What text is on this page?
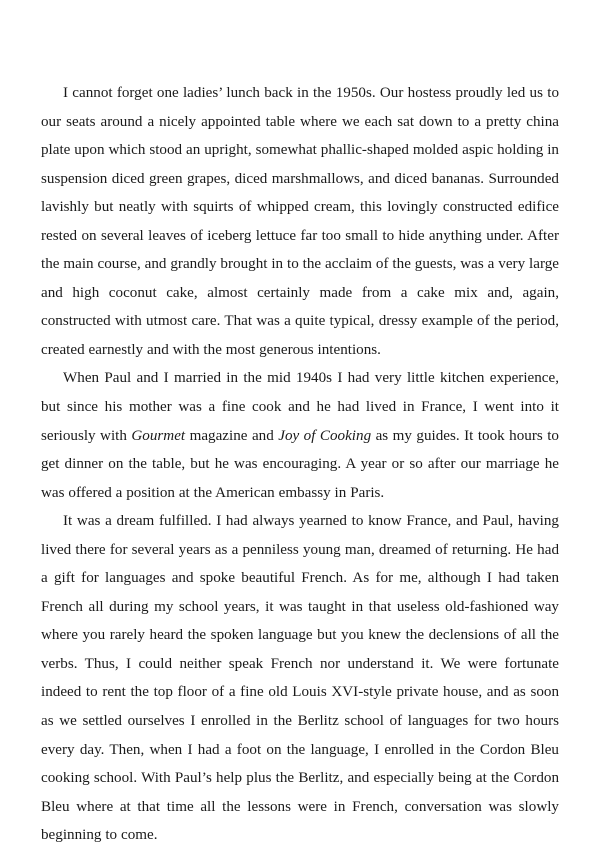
I cannot forget one ladies’ lunch back in the 1950s. Our hostess proudly led us to our seats around a nicely appointed table where we each sat down to a pretty china plate upon which stood an upright, somewhat phallic-shaped molded aspic holding in suspension diced green grapes, diced marshmallows, and diced bananas. Surrounded lavishly but neatly with squirts of whipped cream, this lovingly constructed edifice rested on several leaves of iceberg lettuce far too small to hide anything under. After the main course, and grandly brought in to the acclaim of the guests, was a very large and high coconut cake, almost certainly made from a cake mix and, again, constructed with utmost care. That was a quite typical, dressy example of the period, created earnestly and with the most generous intentions.

When Paul and I married in the mid 1940s I had very little kitchen experience, but since his mother was a fine cook and he had lived in France, I went into it seriously with Gourmet magazine and Joy of Cooking as my guides. It took hours to get dinner on the table, but he was encouraging. A year or so after our marriage he was offered a position at the American embassy in Paris.

It was a dream fulfilled. I had always yearned to know France, and Paul, having lived there for several years as a penniless young man, dreamed of returning. He had a gift for languages and spoke beautiful French. As for me, although I had taken French all during my school years, it was taught in that useless old-fashioned way where you rarely heard the spoken language but you knew the declensions of all the verbs. Thus, I could neither speak French nor understand it. We were fortunate indeed to rent the top floor of a fine old Louis XVI-style private house, and as soon as we settled ourselves I enrolled in the Berlitz school of languages for two hours every day. Then, when I had a foot on the language, I enrolled in the Cordon Bleu cooking school. With Paul’s help plus the Berlitz, and especially being at the Cordon Bleu where at that time all the lessons were in French, conversation was slowly beginning to come.
